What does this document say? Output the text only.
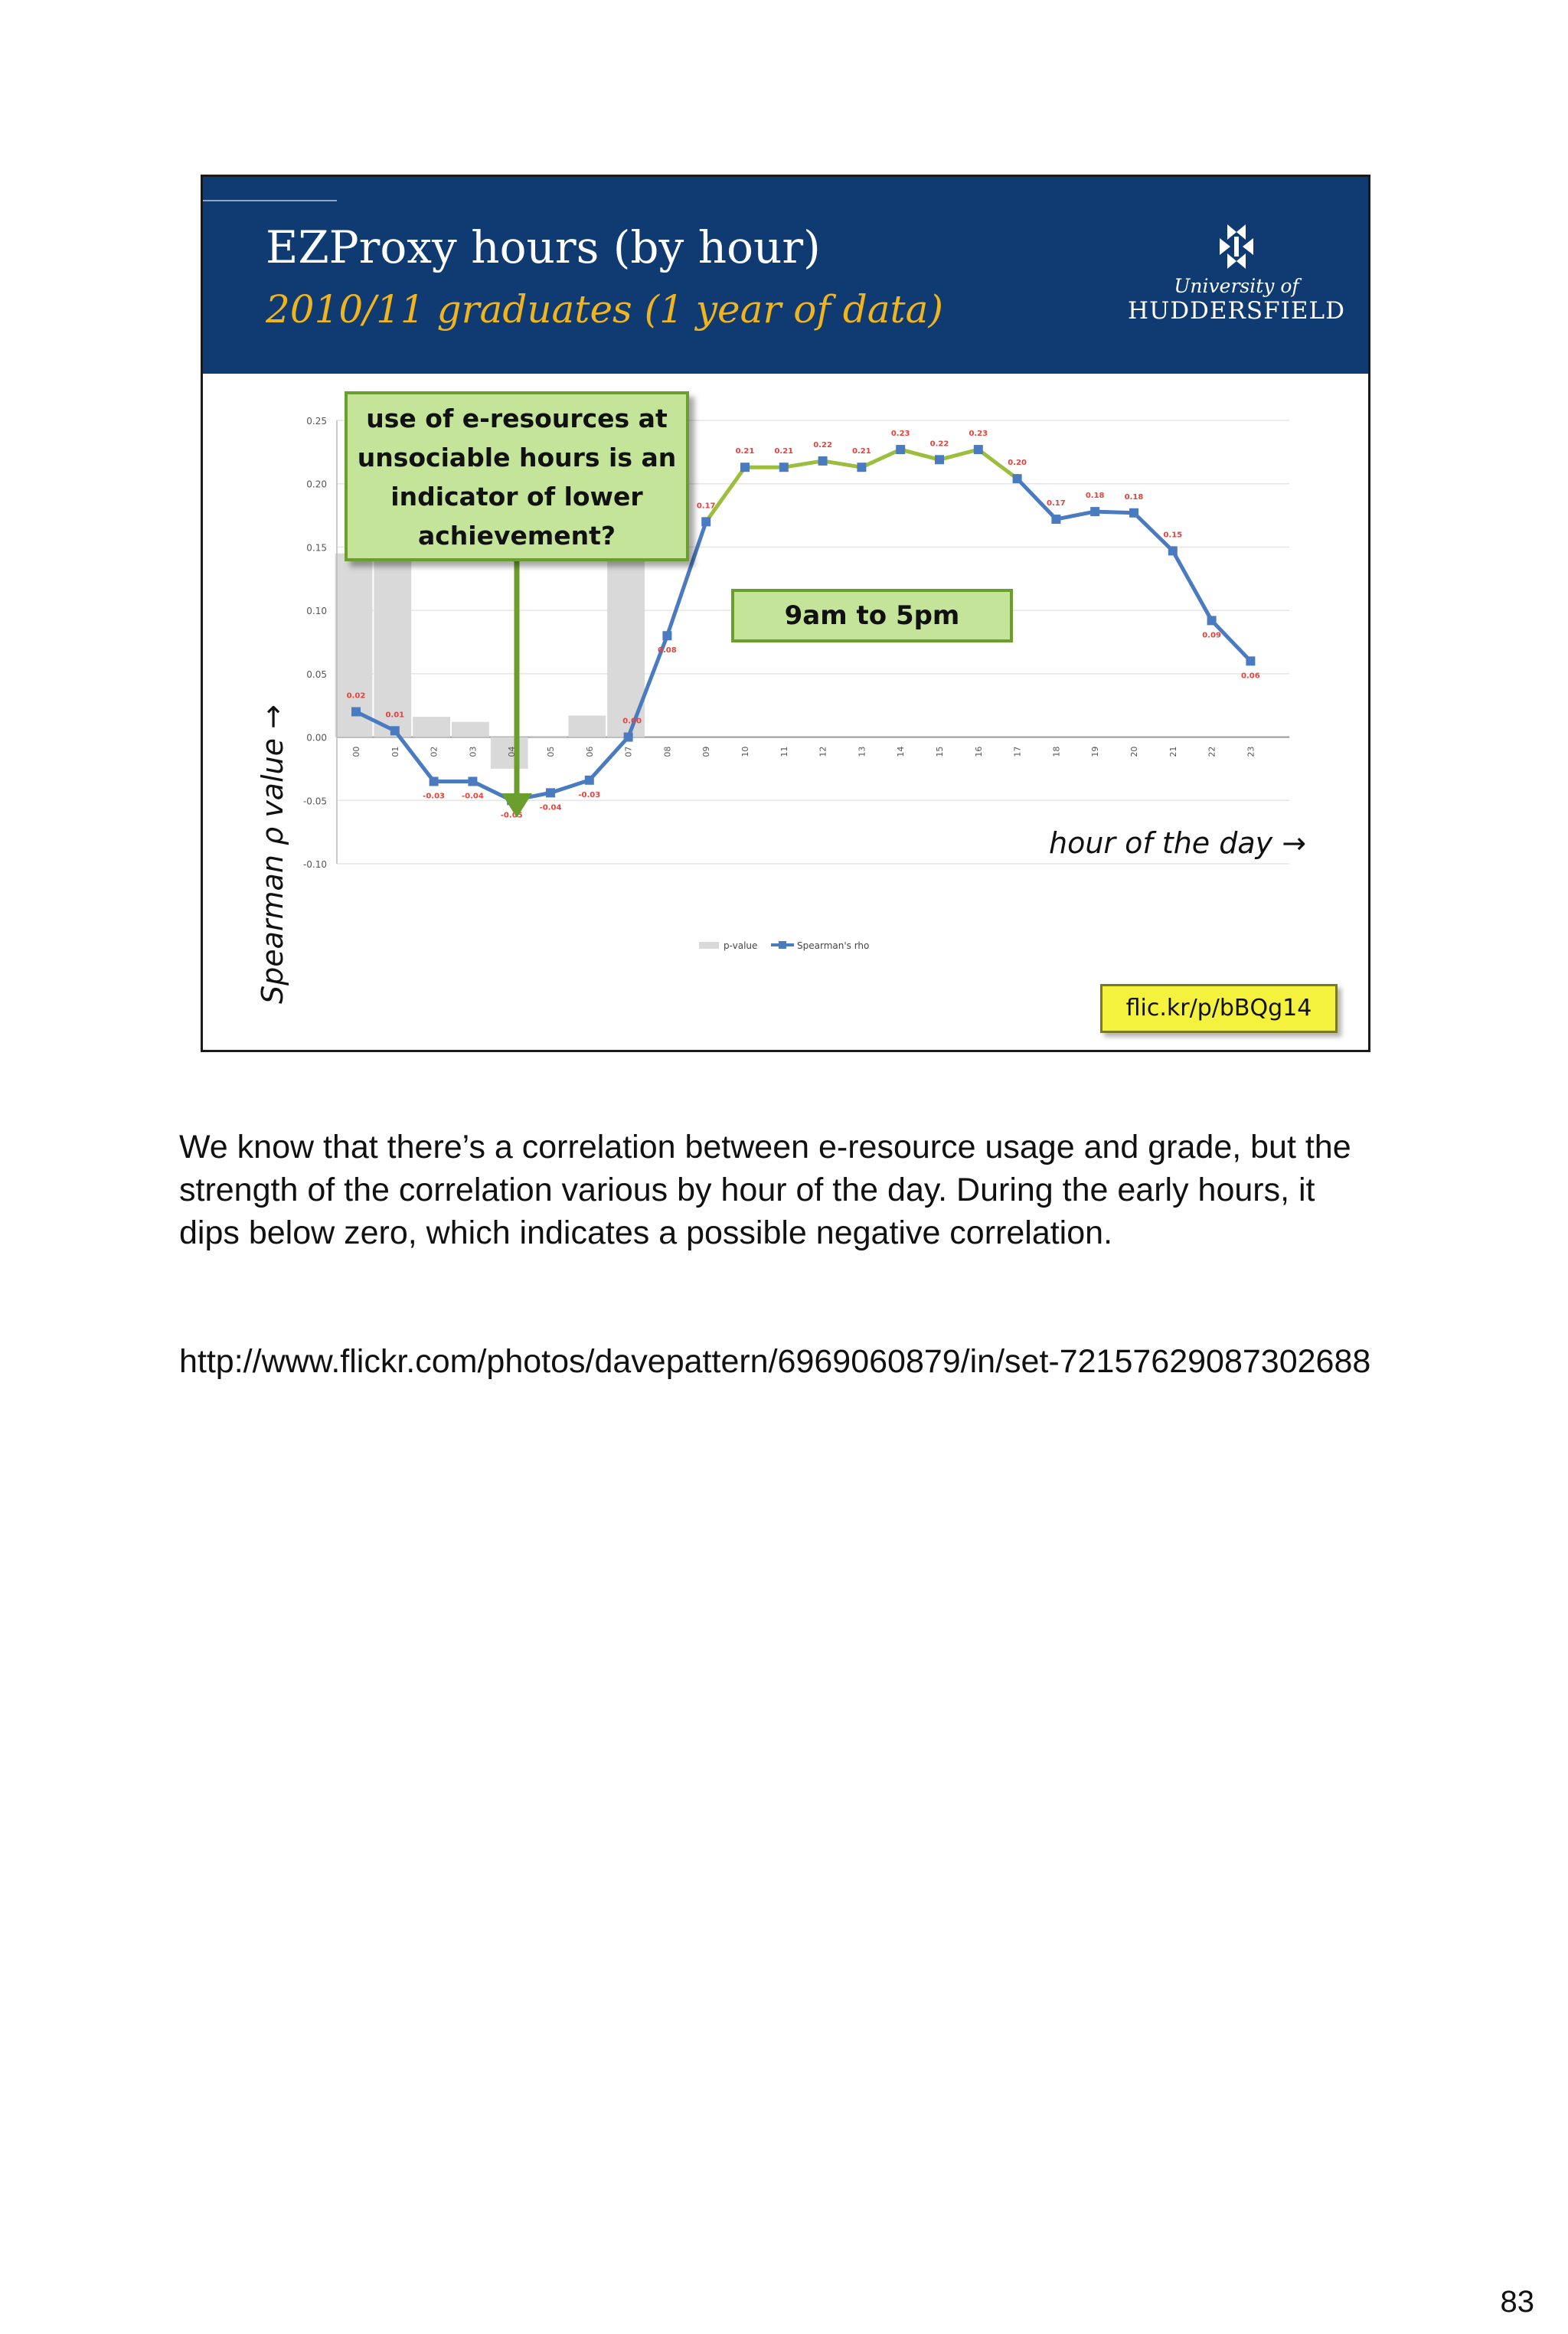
EZProxy hours (by hour)
2010/11 graduates (1 year of data)
University of
HUDDERSFIELD
0.25
0.20
0.15
0.10
0.05
0.00
-0.05
-0.10
00	01	02	03	04	05	06	07	08	09	10	11	12	13	14	15	16	17	18	19	20	21	22	23
0.02
0.01
-0.03 -0.04
-0.05
-0.04
-0.03
0.00
0.08
0.17
0.21	0.21
0.22
0.21
0.23
0.22
0.23
0.20
0.17
0.18	0.18
0.15
0.09
0.06
p-value	Spearman's rho
use of e-resources at unsociable hours is an indicator of lower achievement?
9am to 5pm
Spearman ρ value →	hour of the day →
flic.kr/p/bBQg14

We know that there’s a correlation between e-resource usage and grade, but the strength of the correlation various by hour of the day. During the early hours, it dips below zero, which indicates a possible negative correlation.

http://www.flickr.com/photos/davepattern/6969060879/in/set-72157629087302688

83
